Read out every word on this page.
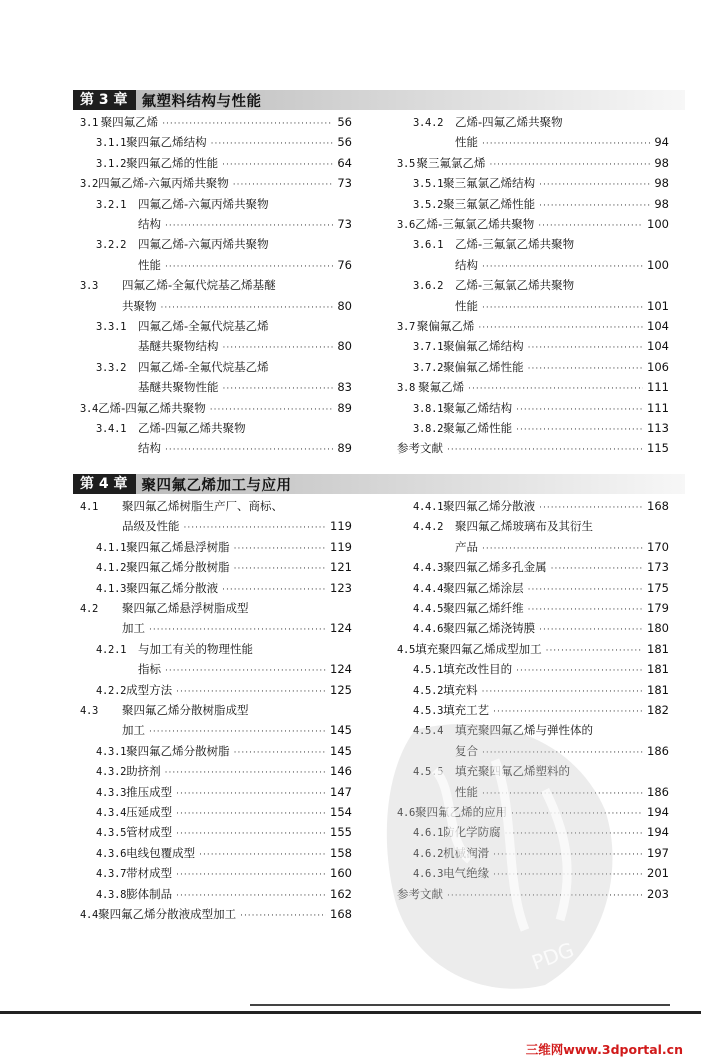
第 3 章 氟塑料结构与性能
3.1 聚四氟乙烯 ·····	56
3.1.1 聚四氟乙烯结构 ·····	56
3.1.2 聚四氟乙烯的性能 ·····	64
3.2 四氟乙烯-六氟丙烯共聚物 ·····	73
3.2.1	四氟乙烯-六氟丙烯共聚物
结构 ·····	73
3.2.2	四氟乙烯-六氟丙烯共聚物
性能 ·····	76
3.3	四氟乙烯-全氟代烷基乙烯基醚
共聚物 ·····	80
3.3.1	四氟乙烯-全氟代烷基乙烯
基醚共聚物结构 ·····	80
3.3.2	四氟乙烯-全氟代烷基乙烯
基醚共聚物性能 ·····	83
3.4 乙烯-四氟乙烯共聚物 ·····	89
3.4.1	乙烯-四氟乙烯共聚物
结构 ·····	89
3.4.2	乙烯-四氟乙烯共聚物
性能 ·····	94
3.5 聚三氟氯乙烯 ·····	98
3.5.1 聚三氟氯乙烯结构 ·····	98
3.5.2 聚三氟氯乙烯性能 ·····	98
3.6 乙烯-三氟氯乙烯共聚物 ·····	100
3.6.1	乙烯-三氟氯乙烯共聚物
结构 ·····	100
3.6.2	乙烯-三氟氯乙烯共聚物
性能 ·····	101
3.7 聚偏氟乙烯 ·····	104
3.7.1 聚偏氟乙烯结构 ·····	104
3.7.2 聚偏氟乙烯性能 ·····	106
3.8 聚氟乙烯 ·····	111
3.8.1 聚氟乙烯结构 ·····	111
3.8.2 聚氟乙烯性能 ·····	113
参考文献 ·····	115
第 4 章 聚四氟乙烯加工与应用
4.1	聚四氟乙烯树脂生产厂、商标、
品级及性能 ·····	119
4.1.1 聚四氟乙烯悬浮树脂 ·····	119
4.1.2 聚四氟乙烯分散树脂 ·····	121
4.1.3 聚四氟乙烯分散液 ·····	123
4.2	聚四氟乙烯悬浮树脂成型
加工 ·····	124
4.2.1	与加工有关的物理性能
指标 ·····	124
4.2.2 成型方法 ·····	125
4.3	聚四氟乙烯分散树脂成型
加工 ·····	145
4.3.1 聚四氟乙烯分散树脂 ·····	145
4.3.2 助挤剂 ·····	146
4.3.3 推压成型 ·····	147
4.3.4 压延成型 ·····	154
4.3.5 管材成型 ·····	155
4.3.6 电线包覆成型 ·····	158
4.3.7 带材成型 ·····	160
4.3.8 膨体制品 ·····	162
4.4 聚四氟乙烯分散液成型加工 ·····	168
4.4.1 聚四氟乙烯分散液 ·····	168
4.4.2	聚四氟乙烯玻璃布及其衍生
产品 ·····	170
4.4.3 聚四氟乙烯多孔金属 ·····	173
4.4.4 聚四氟乙烯涂层 ·····	175
4.4.5 聚四氟乙烯纤维 ·····	179
4.4.6 聚四氟乙烯浇铸膜 ·····	180
4.5 填充聚四氟乙烯成型加工 ·····	181
4.5.1 填充改性目的 ·····	181
4.5.2 填充料 ·····	181
4.5.3 填充工艺 ·····	182
4.5.4	填充聚四氟乙烯与弹性体的
复合 ·····	186
4.5.5	填充聚四氟乙烯塑料的
性能 ·····	186
4.6 聚四氟乙烯的应用 ·····	194
4.6.1 防化学防腐 ·····	194
4.6.2 机械润滑 ·····	197
4.6.3 电气绝缘 ·····	201
参考文献 ·····	203
PDG
三维网www.3dportal.cn
